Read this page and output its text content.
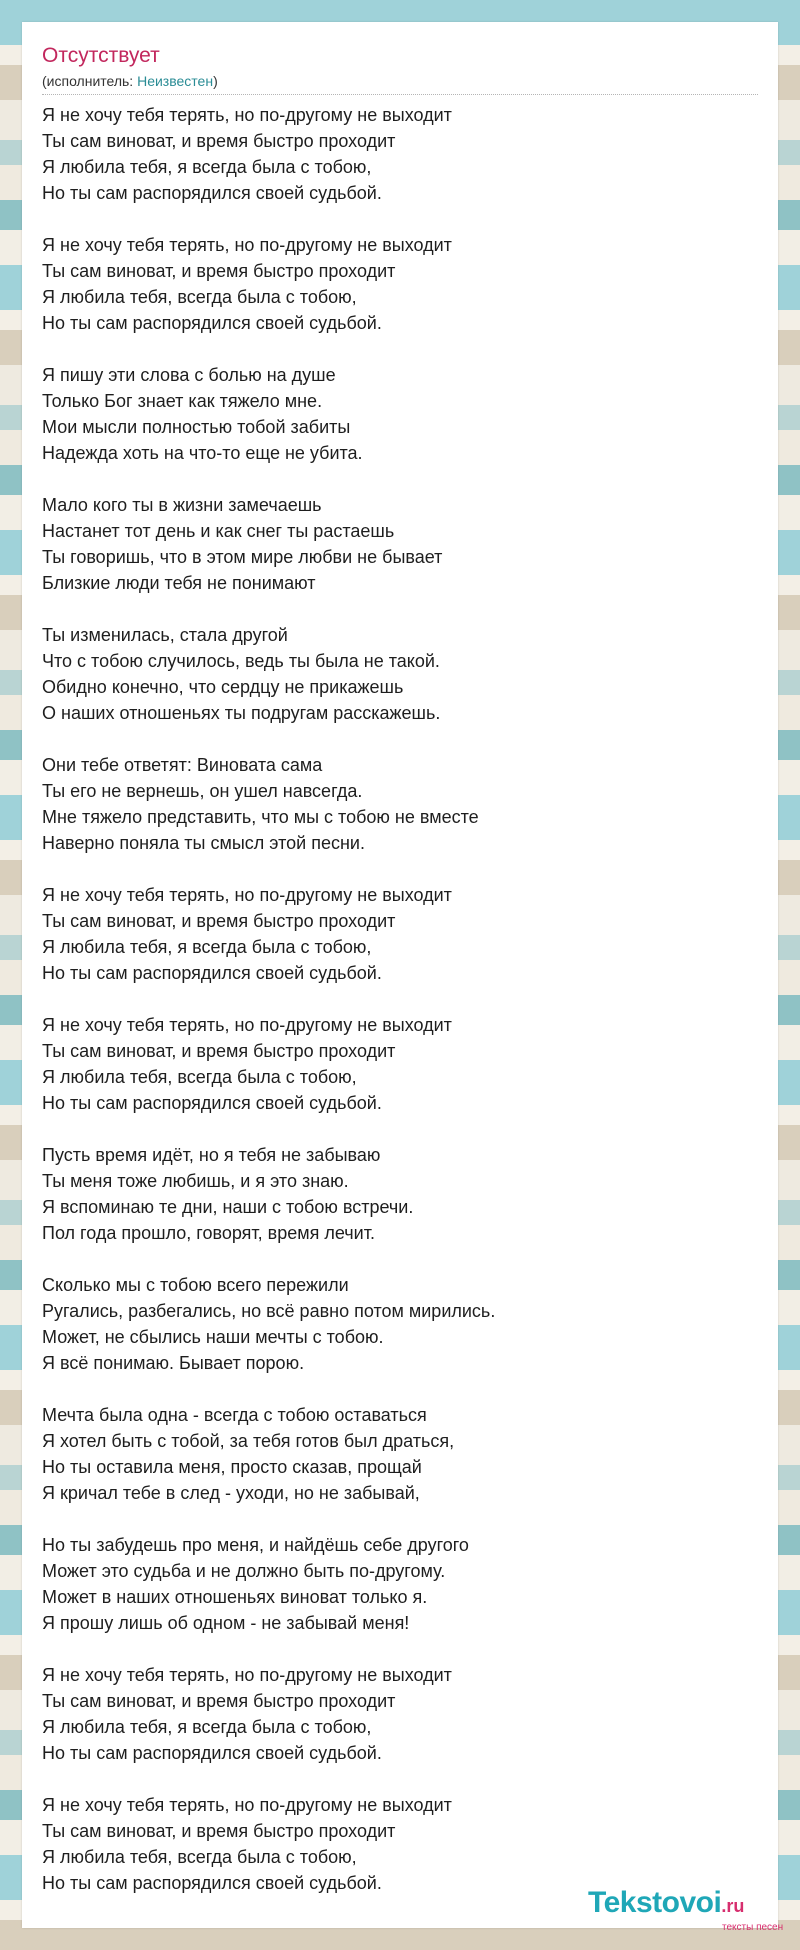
Отсутствует
(исполнитель: Неизвестен)
Я не хочу тебя терять, но по-другому не выходит
Ты сам виноват, и время быстро проходит
Я любила тебя, я всегда была с тобою,
Но ты сам распорядился своей судьбой.
Я не хочу тебя терять, но по-другому не выходит
Ты сам виноват, и время быстро проходит
Я любила тебя, всегда была с тобою,
Но ты сам распорядился своей судьбой.
Я пишу эти слова с болью на душе
Только Бог знает как тяжело мне.
Мои мысли полностью тобой забиты
Надежда хоть на что-то еще не убита.
Мало кого ты в жизни замечаешь
Настанет тот день и как снег ты растаешь
Ты говоришь, что в этом мире любви не бывает
Близкие люди тебя не понимают
Ты изменилась, стала другой
Что с тобою случилось, ведь ты была не такой.
Обидно конечно, что сердцу не прикажешь
О наших отношеньях ты подругам расскажешь.
Они тебе ответят: Виновата сама
Ты его не вернешь, он ушел навсегда.
Мне тяжело представить, что мы с тобою не вместе
Наверно поняла ты смысл этой песни.
Я не хочу тебя терять, но по-другому не выходит
Ты сам виноват, и время быстро проходит
Я любила тебя, я всегда была с тобою,
Но ты сам распорядился своей судьбой.
Я не хочу тебя терять, но по-другому не выходит
Ты сам виноват, и время быстро проходит
Я любила тебя, всегда была с тобою,
Но ты сам распорядился своей судьбой.
Пусть время идёт, но я тебя не забываю
Ты меня тоже любишь, и я это знаю.
Я вспоминаю те дни, наши с тобою встречи.
Пол года прошло, говорят, время лечит.
Сколько мы с тобою всего пережили
Ругались, разбегались, но всё равно потом мирились.
Может, не сбылись наши мечты с тобою.
Я всё понимаю. Бывает порою.
Мечта была одна - всегда с тобою оставаться
Я хотел быть с тобой, за тебя готов был драться,
Но ты оставила меня, просто сказав, прощай
Я кричал тебе в след - уходи, но не забывай,
Но ты забудешь про меня, и найдёшь себе другого
Может это судьба и не должно быть по-другому.
Может в наших отношеньях виноват только я.
Я прошу лишь об одном - не забывай меня!
Я не хочу тебя терять, но по-другому не выходит
Ты сам виноват, и время быстро проходит
Я любила тебя, я всегда была с тобою,
Но ты сам распорядился своей судьбой.
Я не хочу тебя терять, но по-другому не выходит
Ты сам виноват, и время быстро проходит
Я любила тебя, всегда была с тобою,
Но ты сам распорядился своей судьбой.
Tekstovoi.ru
тексты песен
